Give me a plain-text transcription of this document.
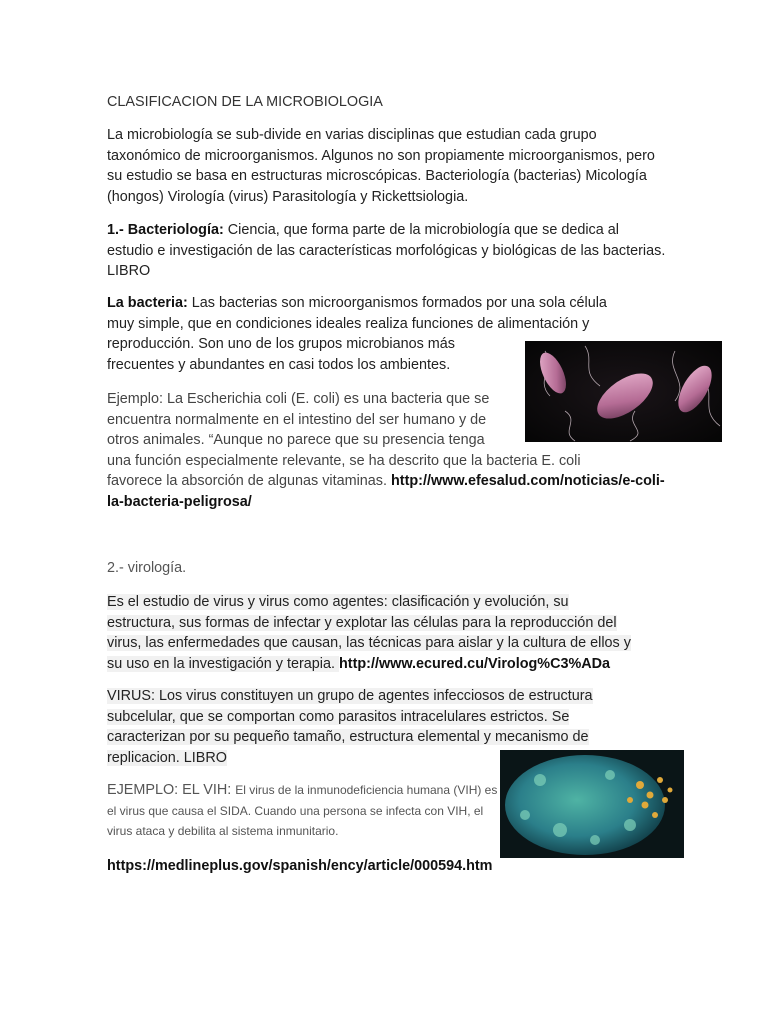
CLASIFICACION DE LA MICROBIOLOGIA

La microbiología se sub-divide en varias disciplinas que estudian cada grupo taxonómico de microorganismos. Algunos no son propiamente microorganismos, pero su estudio se basa en estructuras microscópicas. Bacteriología (bacterias) Micología (hongos) Virología (virus) Parasitología y Rickettsiologia.

1.- Bacteriología: Ciencia, que forma parte de la microbiología que se dedica al estudio e investigación de las características morfológicas y biológicas de las bacterias. LIBRO

La bacteria: Las bacterias son microorganismos formados por una sola célula
muy simple, que en condiciones ideales realiza funciones de alimentación y
reproducción. Son uno de los grupos microbianos más
frecuentes y abundantes en casi todos los ambientes.

Ejemplo: La Escherichia coli (E. coli) es una bacteria que se
encuentra normalmente en el intestino del ser humano y de
otros animales. “Aunque no parece que su presencia tenga
una función especialmente relevante, se ha descrito que la bacteria E. coli
favorece la absorción de algunas vitaminas. http://www.efesalud.com/noticias/e-coli-la-bacteria-peligrosa/

2.- virología.

Es el estudio de virus y virus como agentes: clasificación y evolución, su
estructura, sus formas de infectar y explotar las células para la reproducción del
virus, las enfermedades que causan, las técnicas para aislar y la cultura de ellos y
su uso en la investigación y terapia. http://www.ecured.cu/Virolog%C3%ADa

VIRUS: Los virus constituyen un grupo de agentes infecciosos de estructura
subcelular, que se comportan como parasitos intracelulares estrictos. Se
caracterizan por su pequeño tamaño, estructura elemental y mecanismo de
replicacion. LIBRO

EJEMPLO: EL VIH: El virus de la inmunodeficiencia humana (VIH) es el virus que causa el SIDA. Cuando una persona se infecta con VIH, el virus ataca y debilita al sistema inmunitario.

https://medlineplus.gov/spanish/ency/article/000594.htm
